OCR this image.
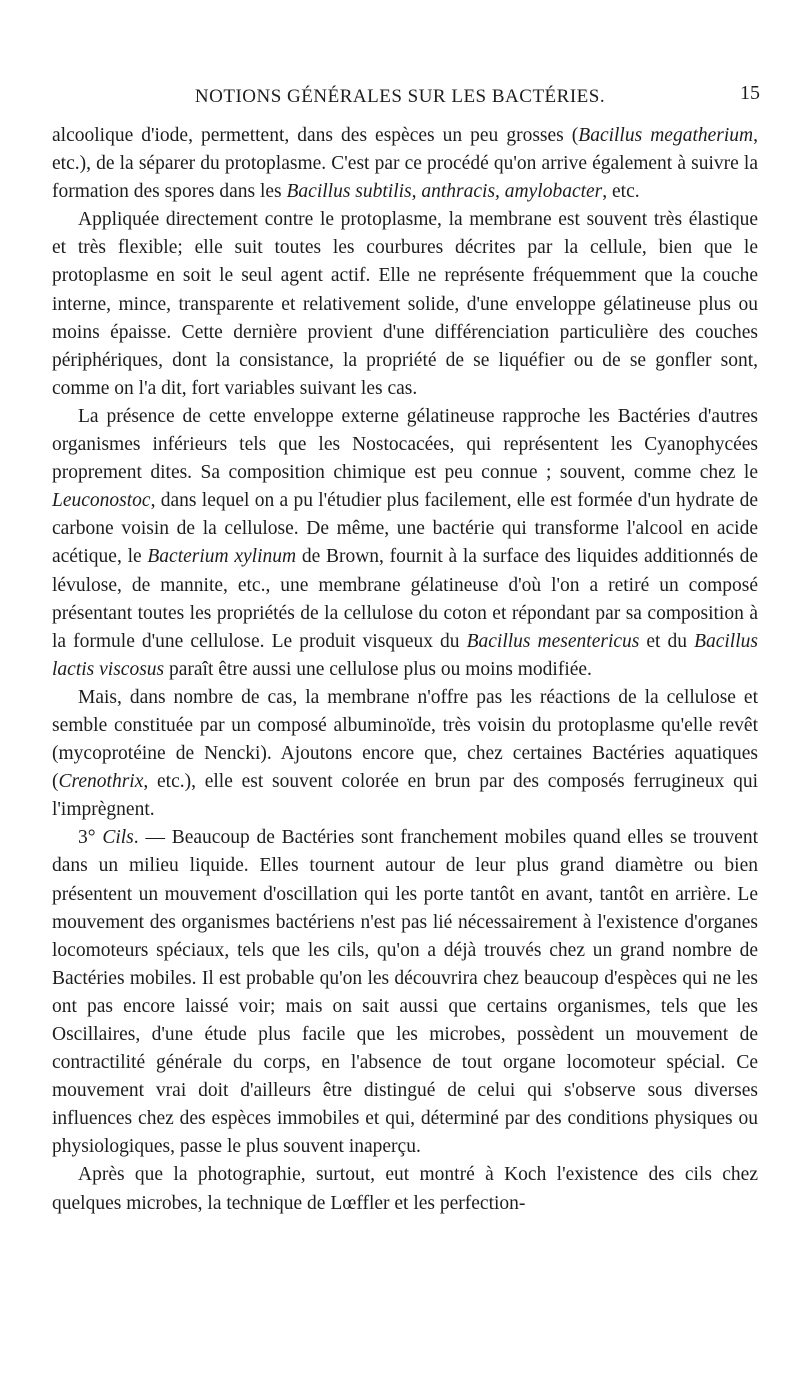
NOTIONS GÉNÉRALES SUR LES BACTÉRIES.	15

alcoolique d'iode, permettent, dans des espèces un peu grosses (Bacillus megatherium, etc.), de la séparer du protoplasme. C'est par ce procédé qu'on arrive également à suivre la formation des spores dans les Bacillus subtilis, anthracis, amylobacter, etc.

Appliquée directement contre le protoplasme, la membrane est souvent très élastique et très flexible; elle suit toutes les courbures décrites par la cellule, bien que le protoplasme en soit le seul agent actif. Elle ne représente fréquemment que la couche interne, mince, transparente et relativement solide, d'une enveloppe gélatineuse plus ou moins épaisse. Cette dernière provient d'une différenciation particulière des couches périphériques, dont la consistance, la propriété de se liquéfier ou de se gonfler sont, comme on l'a dit, fort variables suivant les cas.

La présence de cette enveloppe externe gélatineuse rapproche les Bactéries d'autres organismes inférieurs tels que les Nostocacées, qui représentent les Cyanophycées proprement dites. Sa composition chimique est peu connue ; souvent, comme chez le Leuconostoc, dans lequel on a pu l'étudier plus facilement, elle est formée d'un hydrate de carbone voisin de la cellulose. De même, une bactérie qui transforme l'alcool en acide acétique, le Bacterium xylinum de Brown, fournit à la surface des liquides additionnés de lévulose, de mannite, etc., une membrane gélatineuse d'où l'on a retiré un composé présentant toutes les propriétés de la cellulose du coton et répondant par sa composition à la formule d'une cellulose. Le produit visqueux du Bacillus mesentericus et du Bacillus lactis viscosus paraît être aussi une cellulose plus ou moins modifiée.

Mais, dans nombre de cas, la membrane n'offre pas les réactions de la cellulose et semble constituée par un composé albuminoïde, très voisin du protoplasme qu'elle revêt (mycoprotéine de Nencki). Ajoutons encore que, chez certaines Bactéries aquatiques (Crenothrix, etc.), elle est souvent colorée en brun par des composés ferrugineux qui l'imprègnent.

3° Cils. — Beaucoup de Bactéries sont franchement mobiles quand elles se trouvent dans un milieu liquide. Elles tournent autour de leur plus grand diamètre ou bien présentent un mouvement d'oscillation qui les porte tantôt en avant, tantôt en arrière. Le mouvement des organismes bactériens n'est pas lié nécessairement à l'existence d'organes locomoteurs spéciaux, tels que les cils, qu'on a déjà trouvés chez un grand nombre de Bactéries mobiles. Il est probable qu'on les découvrira chez beaucoup d'espèces qui ne les ont pas encore laissé voir; mais on sait aussi que certains organismes, tels que les Oscillaires, d'une étude plus facile que les microbes, possèdent un mouvement de contractilité générale du corps, en l'absence de tout organe locomoteur spécial. Ce mouvement vrai doit d'ailleurs être distingué de celui qui s'observe sous diverses influences chez des espèces immobiles et qui, déterminé par des conditions physiques ou physiologiques, passe le plus souvent inaperçu.

Après que la photographie, surtout, eut montré à Koch l'existence des cils chez quelques microbes, la technique de Lœffler et les perfection-
